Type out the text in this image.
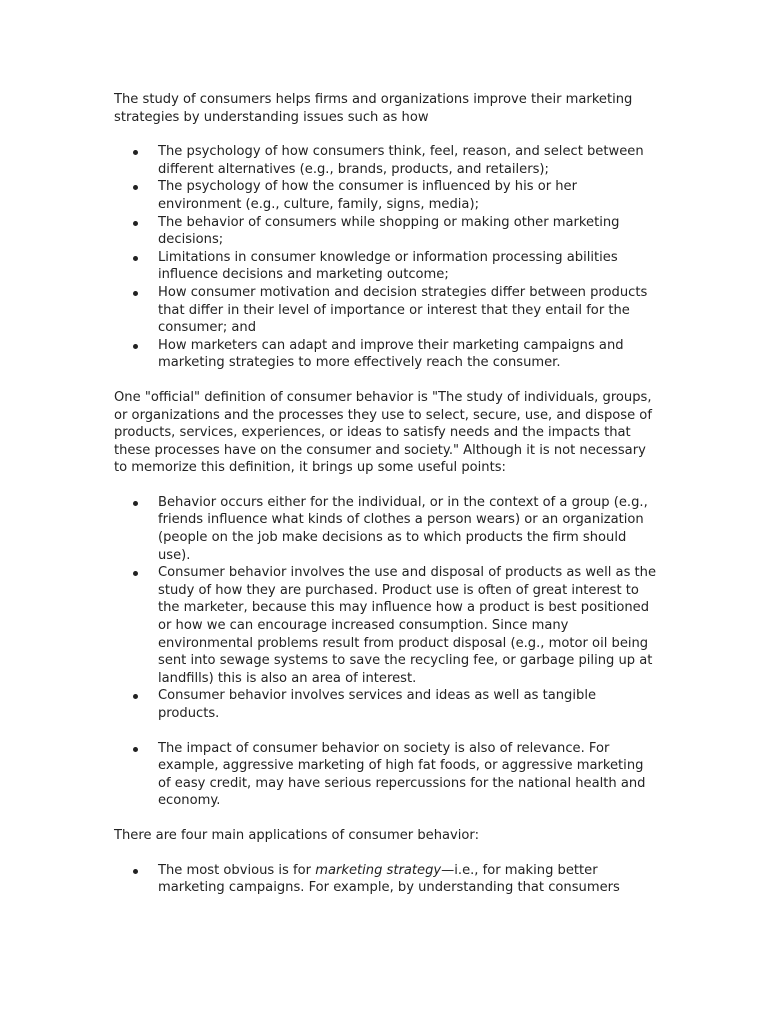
The study of consumers helps firms and organizations improve their marketing strategies by understanding issues such as how

The psychology of how consumers think, feel, reason, and select between different alternatives (e.g., brands, products, and retailers);
The psychology of how the consumer is influenced by his or her environment (e.g., culture, family, signs, media);
The behavior of consumers while shopping or making other marketing decisions;
Limitations in consumer knowledge or information processing abilities influence decisions and marketing outcome;
How consumer motivation and decision strategies differ between products that differ in their level of importance or interest that they entail for the consumer; and
How marketers can adapt and improve their marketing campaigns and marketing strategies to more effectively reach the consumer.

One "official" definition of consumer behavior is "The study of individuals, groups, or organizations and the processes they use to select, secure, use, and dispose of products, services, experiences, or ideas to satisfy needs and the impacts that these processes have on the consumer and society." Although it is not necessary to memorize this definition, it brings up some useful points:

Behavior occurs either for the individual, or in the context of a group (e.g., friends influence what kinds of clothes a person wears) or an organization (people on the job make decisions as to which products the firm should use).
Consumer behavior involves the use and disposal of products as well as the study of how they are purchased. Product use is often of great interest to the marketer, because this may influence how a product is best positioned or how we can encourage increased consumption. Since many environmental problems result from product disposal (e.g., motor oil being sent into sewage systems to save the recycling fee, or garbage piling up at landfills) this is also an area of interest.
Consumer behavior involves services and ideas as well as tangible products.
The impact of consumer behavior on society is also of relevance. For example, aggressive marketing of high fat foods, or aggressive marketing of easy credit, may have serious repercussions for the national health and economy.

There are four main applications of consumer behavior:

The most obvious is for marketing strategy—i.e., for making better marketing campaigns. For example, by understanding that consumers
